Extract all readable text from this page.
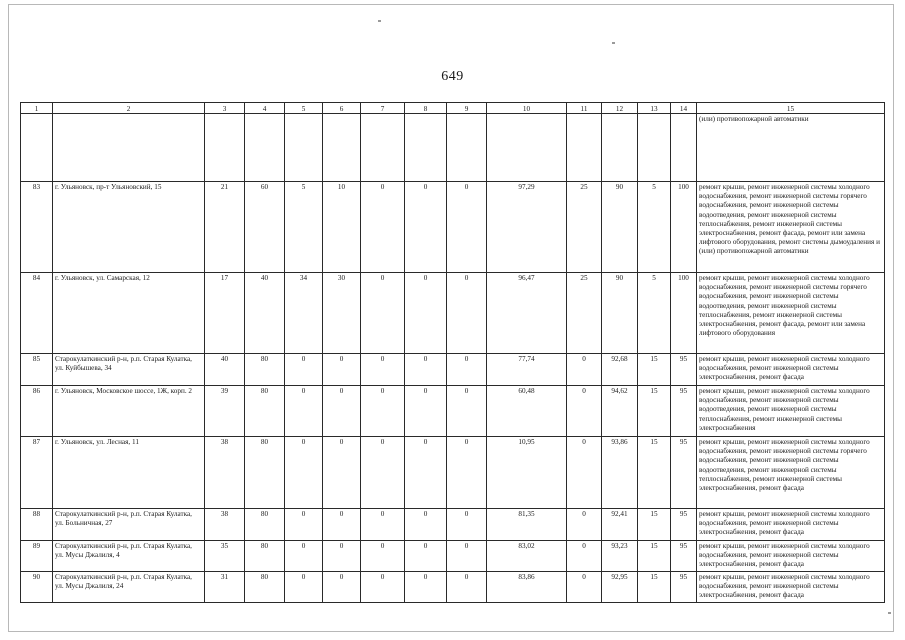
649
1	2	3	4	5	6	7	8	9	10	11	12	13	14	15
														(или) противопожарной автоматики
83	г. Ульяновск, пр-т Ульяновский, 15	21	60	5	10	0	0	0	97,29	25	90	5	100	ремонт крыши, ремонт инженерной системы холодного водоснабжения, ремонт инженерной системы горячего водоснабжения, ремонт инженерной системы водоотведения, ремонт инженерной системы теплоснабжения, ремонт инженерной системы электроснабжения, ремонт фасада, ремонт или замена лифтового оборудования, ремонт системы дымоудаления и (или) противопожарной автоматики
84	г. Ульяновск, ул. Самарская, 12	17	40	34	30	0	0	0	96,47	25	90	5	100	ремонт крыши, ремонт инженерной системы холодного водоснабжения, ремонт инженерной системы горячего водоснабжения, ремонт инженерной системы водоотведения, ремонт инженерной системы теплоснабжения, ремонт инженерной системы электроснабжения, ремонт фасада, ремонт или замена лифтового оборудования
85	Старокулаткинский р-н, р.п. Старая Кулатка, ул. Куйбышева, 34	40	80	0	0	0	0	0	77,74	0	92,68	15	95	ремонт крыши, ремонт инженерной системы холодного водоснабжения, ремонт инженерной системы электроснабжения, ремонт фасада
86	г. Ульяновск, Московское шоссе, 1Ж, корп. 2	39	80	0	0	0	0	0	60,48	0	94,62	15	95	ремонт крыши, ремонт инженерной системы холодного водоснабжения, ремонт инженерной системы водоотведения, ремонт инженерной системы теплоснабжения, ремонт инженерной системы электроснабжения
87	г. Ульяновск, ул. Лесная, 11	38	80	0	0	0	0	0	10,95	0	93,86	15	95	ремонт крыши, ремонт инженерной системы холодного водоснабжения, ремонт инженерной системы горячего водоснабжения, ремонт инженерной системы водоотведения, ремонт инженерной системы теплоснабжения, ремонт инженерной системы электроснабжения, ремонт фасада
88	Старокулаткинский р-н, р.п. Старая Кулатка, ул. Больничная, 27	38	80	0	0	0	0	0	81,35	0	92,41	15	95	ремонт крыши, ремонт инженерной системы холодного водоснабжения, ремонт инженерной системы электроснабжения, ремонт фасада
89	Старокулаткинский р-н, р.п. Старая Кулатка, ул. Мусы Джалиля, 4	35	80	0	0	0	0	0	83,02	0	93,23	15	95	ремонт крыши, ремонт инженерной системы холодного водоснабжения, ремонт инженерной системы электроснабжения, ремонт фасада
90	Старокулаткинский р-н, р.п. Старая Кулатка, ул. Мусы Джалиля, 24	31	80	0	0	0	0	0	83,86	0	92,95	15	95	ремонт крыши, ремонт инженерной системы холодного водоснабжения, ремонт инженерной системы электроснабжения, ремонт фасада
